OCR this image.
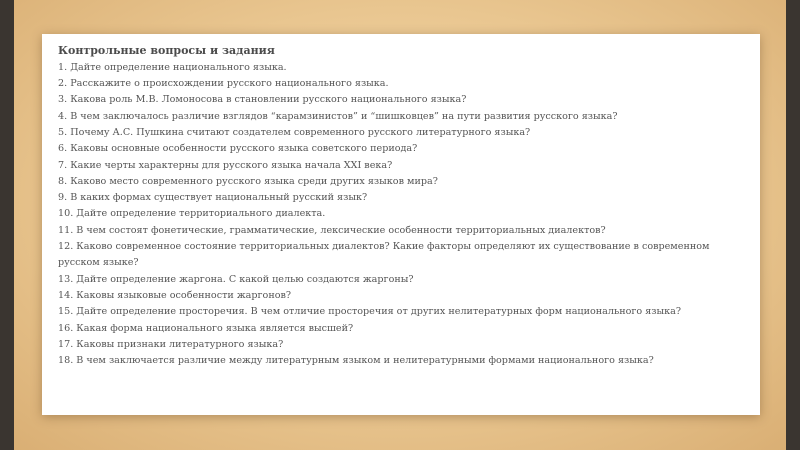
Контрольные вопросы и задания

1. Дайте определение национального языка.
2. Расскажите о происхождении русского национального языка.
3. Какова роль М.В. Ломоносова в становлении русского национального языка?
4. В чем заключалось различие взглядов “карамзинистов” и “шишковцев” на пути развития русского языка?
5. Почему А.С. Пушкина считают создателем современного русского литературного языка?
6. Каковы основные особенности русского языка советского периода?
7. Какие черты характерны для русского языка начала XXI века?
8. Каково место современного русского языка среди других языков мира?
9. В каких формах существует национальный русский язык?
10. Дайте определение территориального диалекта.
11. В чем состоят фонетические, грамматические, лексические особенности территориальных диалектов?
12. Каково современное состояние территориальных диалектов? Какие факторы определяют их существование в современном русском языке?
13. Дайте определение жаргона. С какой целью создаются жаргоны?
14. Каковы языковые особенности жаргонов?
15. Дайте определение просторечия. В чем отличие просторечия от других нелитературных форм национального языка?
16. Какая форма национального языка является высшей?
17. Каковы признаки литературного языка?
18. В чем заключается различие между литературным языком и нелитературными формами национального языка?
